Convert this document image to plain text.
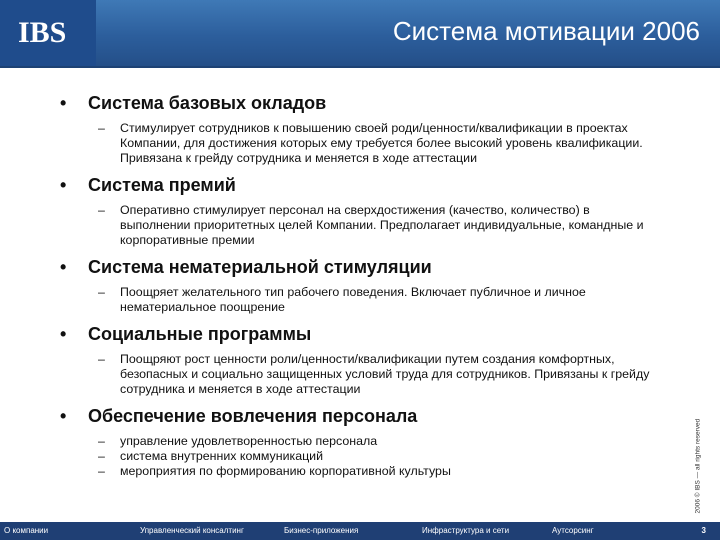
IBS	Система мотивации 2006
• Система базовых окладов
– Стимулирует сотрудников к повышению своей роди/ценности/квалификации в проектах Компании, для достижения которых ему требуется более высокий уровень квалификации. Привязана к грейду сотрудника и меняется в ходе аттестации
• Система премий
– Оперативно стимулирует персонал на сверхдостижения (качество, количество) в выполнении приоритетных целей Компании. Предполагает индивидуальные, командные и корпоративные премии
• Система нематериальной стимуляции
– Поощряет желательного тип рабочего поведения. Включает публичное и личное нематериальное поощрение
• Социальные программы
– Поощряют рост ценности роли/ценности/квалификации путем создания комфортных, безопасных и социально защищенных условий труда для сотрудников. Привязаны к грейду сотрудника и меняется в ходе аттестации
• Обеспечение вовлечения персонала
– управление удовлетворенностью персонала
– система внутренних коммуникаций
– мероприятия по формированию корпоративной культуры	2006 © IBS — all rights reserved
О компании	Управленческий консалтинг	Бизнес-приложения	Инфраструктура и сети	Аутсорсинг	3
